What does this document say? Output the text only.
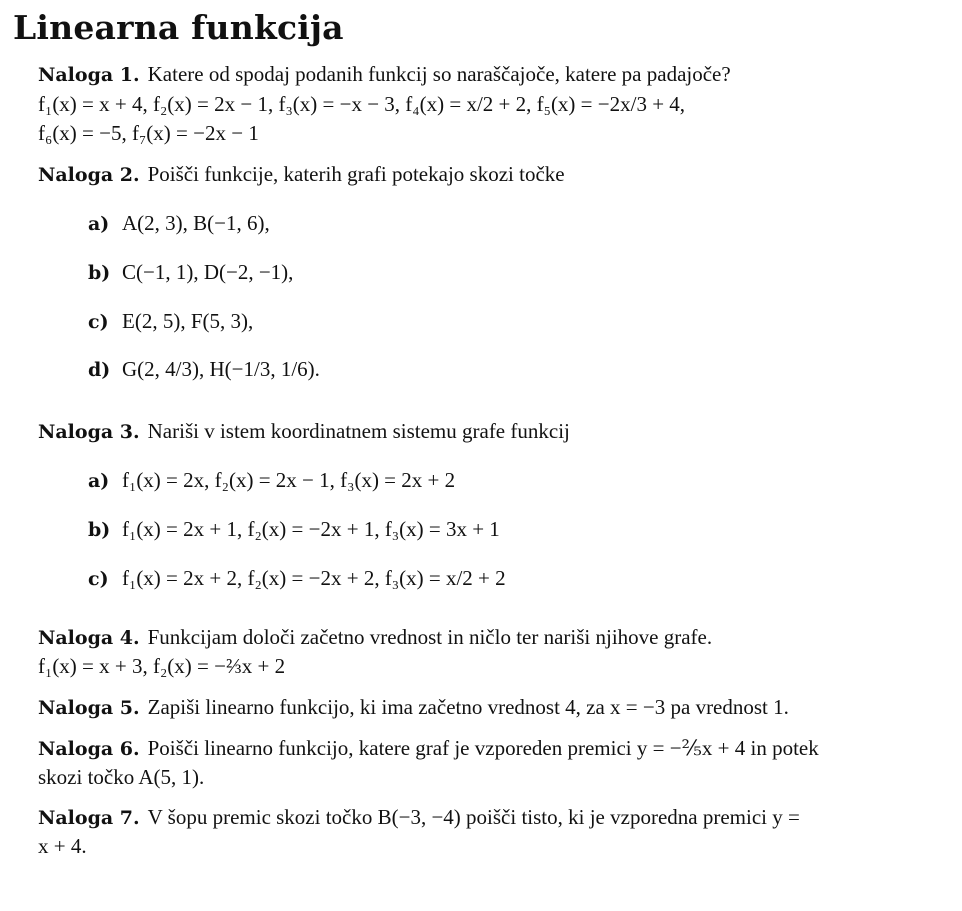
Linearna funkcija
Naloga 1. Katere od spodaj podanih funkcij so naraščajoče, katere pa padajoče?
f₁(x) = x + 4, f₂(x) = 2x − 1, f₃(x) = −x − 3, f₄(x) = x/2 + 2, f₅(x) = −2x/3 + 4,
f₆(x) = −5, f₇(x) = −2x − 1
Naloga 2. Poišči funkcije, katerih grafi potekajo skozi točke
a) A(2, 3), B(−1, 6),
b) C(−1, 1), D(−2, −1),
c) E(2, 5), F(5, 3),
d) G(2, 4/3), H(−1/3, 1/6).
Naloga 3. Nariši v istem koordinatnem sistemu grafe funkcij
a) f₁(x) = 2x, f₂(x) = 2x − 1, f₃(x) = 2x + 2
b) f₁(x) = 2x + 1, f₂(x) = −2x + 1, f₃(x) = 3x + 1
c) f₁(x) = 2x + 2, f₂(x) = −2x + 2, f₃(x) = x/2 + 2
Naloga 4. Funkcijam določi začetno vrednost in ničlo ter nariši njihove grafe.
f₁(x) = x + 3, f₂(x) = −⅔x + 2
Naloga 5. Zapiši linearno funkcijo, ki ima začetno vrednost 4, za x = −3 pa vrednost 1.
Naloga 6. Poišči linearno funkcijo, katere graf je vzporeden premici y = −⅖x + 4 in potek
skozi točko A(5, 1).
Naloga 7. V šopu premic skozi točko B(−3, −4) poišči tisto, ki je vzporedna premici y =
x + 4.
